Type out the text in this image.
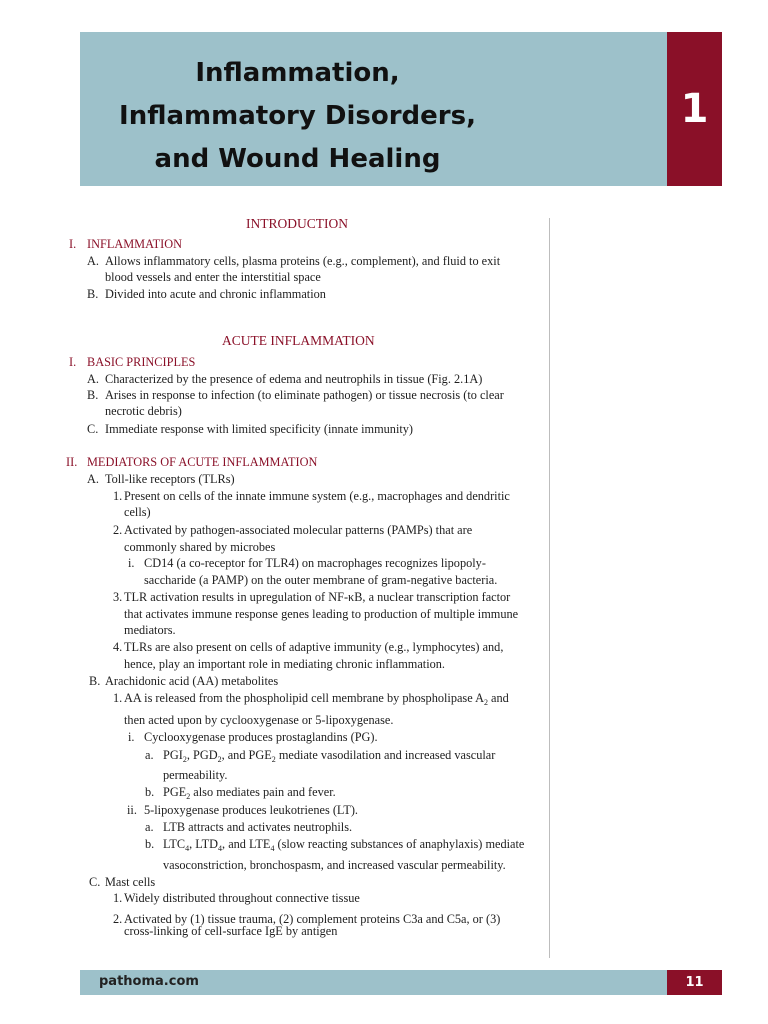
Inflammation,
Inflammatory Disorders,
and Wound Healing
1
INTRODUCTION
I. INFLAMMATION
A. Allows inflammatory cells, plasma proteins (e.g., complement), and fluid to exit
blood vessels and enter the interstitial space
B. Divided into acute and chronic inflammation
ACUTE INFLAMMATION
I. BASIC PRINCIPLES
A. Characterized by the presence of edema and neutrophils in tissue (Fig. 2.1A)
B. Arises in response to infection (to eliminate pathogen) or tissue necrosis (to clear
necrotic debris)
C. Immediate response with limited specificity (innate immunity)
II. MEDIATORS OF ACUTE INFLAMMATION
A. Toll-like receptors (TLRs)
1. Present on cells of the innate immune system (e.g., macrophages and dendritic
cells)
2. Activated by pathogen-associated molecular patterns (PAMPs) that are
commonly shared by microbes
i. CD14 (a co-receptor for TLR4) on macrophages recognizes lipopoly-
saccharide (a PAMP) on the outer membrane of gram-negative bacteria.
3. TLR activation results in upregulation of NF-κB, a nuclear transcription factor
that activates immune response genes leading to production of multiple immune
mediators.
4. TLRs are also present on cells of adaptive immunity (e.g., lymphocytes) and,
hence, play an important role in mediating chronic inflammation.
B. Arachidonic acid (AA) metabolites
1. AA is released from the phospholipid cell membrane by phospholipase $A_2$ and
then acted upon by cyclooxygenase or 5-lipoxygenase.
i. Cyclooxygenase produces prostaglandins (PG).
a. $PGI_2$, $PGD_2$, and $PGE_2$ mediate vasodilation and increased vascular
permeability.
b. $PGE_2$ also mediates pain and fever.
ii. 5-lipoxygenase produces leukotrienes (LT).
a. LTB attracts and activates neutrophils.
b. $LTC_4$, $LTD_4$, and $LTE_4$ (slow reacting substances of anaphylaxis) mediate
vasoconstriction, bronchospasm, and increased vascular permeability.
C. Mast cells
1. Widely distributed throughout connective tissue
2. Activated by (1) tissue trauma, (2) complement proteins C3a and C5a, or (3)
cross-linking of cell-surface IgE by antigen
pathoma.com	11
